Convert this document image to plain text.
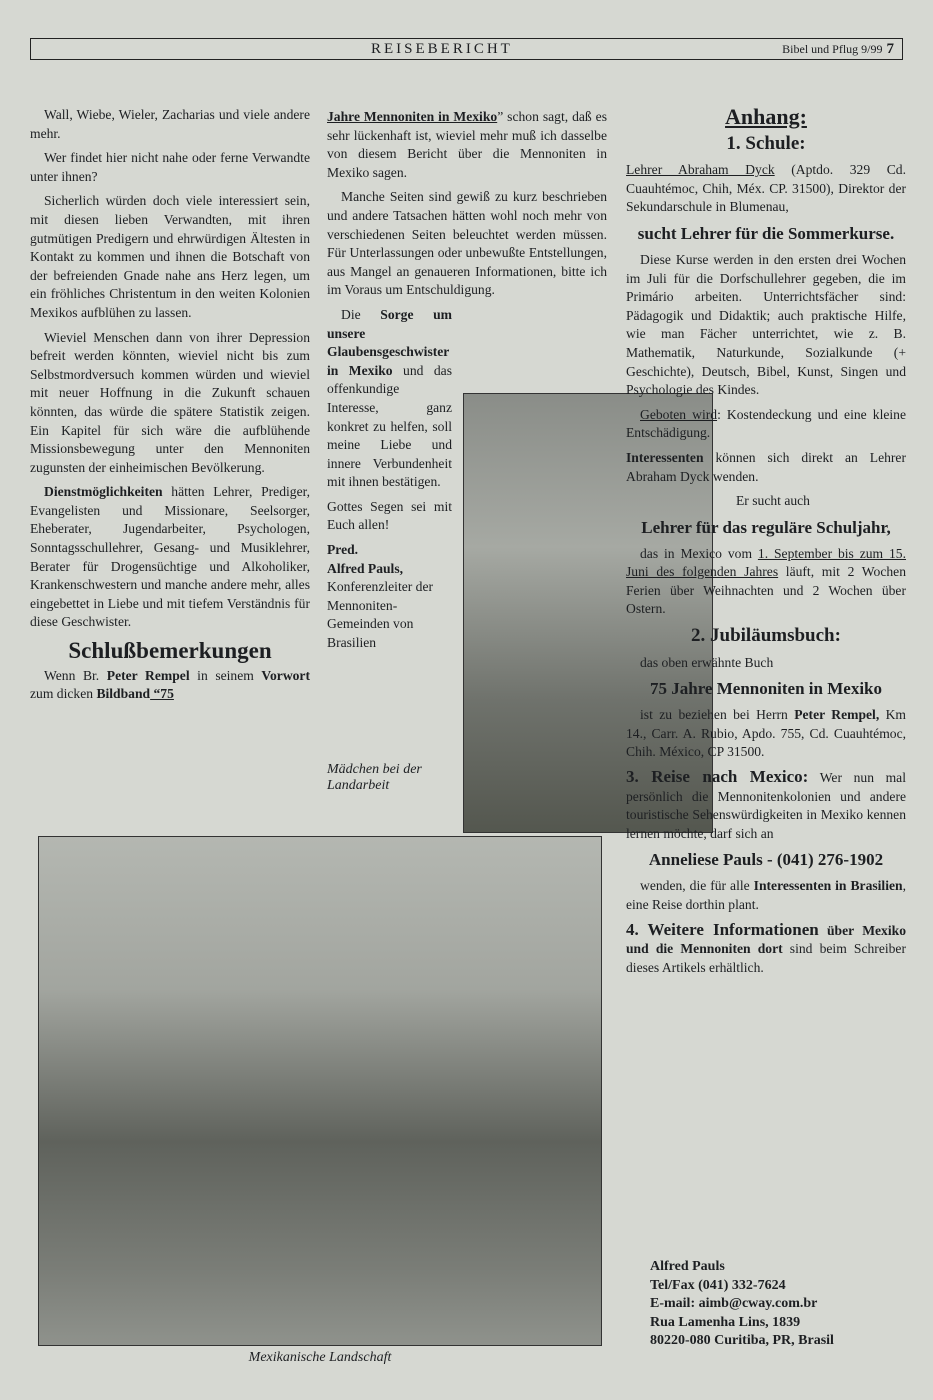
REISEBERICHT	Bibel und Pflug 9/99 7

Wall, Wiebe, Wieler, Zacharias und viele andere mehr.

Wer findet hier nicht nahe oder ferne Verwandte unter ihnen?

Sicherlich würden doch viele interessiert sein, mit diesen lieben Verwandten, mit ihren gutmütigen Predigern und ehrwürdigen Ältesten in Kontakt zu kommen und ihnen die Botschaft von der befreienden Gnade nahe ans Herz legen, um ein fröhliches Christentum in den weiten Kolonien Mexikos aufblühen zu lassen.

Wieviel Menschen dann von ihrer Depression befreit werden könnten, wieviel nicht bis zum Selbstmordversuch kommen würden und wieviel mit neuer Hoffnung in die Zukunft schauen könnten, das würde die spätere Statistik zeigen. Ein Kapitel für sich wäre die aufblühende Missionsbewegung unter den Mennoniten zugunsten der einheimischen Bevölkerung.

Dienstmöglichkeiten hätten Lehrer, Prediger, Evangelisten und Missionare, Seelsorger, Eheberater, Jugendarbeiter, Psychologen, Sonntagsschullehrer, Gesang- und Musiklehrer, Berater für Drogensüchtige und Alkoholiker, Krankenschwestern und manche andere mehr, alles eingebettet in Liebe und mit tiefem Verständnis für diese Geschwister.

Schlußbemerkungen

Wenn Br. Peter Rempel in seinem Vorwort zum dicken Bildband “75

Jahre Mennoniten in Mexiko” schon sagt, daß es sehr lückenhaft ist, wieviel mehr muß ich dasselbe von diesem Bericht über die Mennoniten in Mexiko sagen.

Manche Seiten sind gewiß zu kurz beschrieben und andere Tatsachen hätten wohl noch mehr von verschiedenen Seiten beleuchtet werden müssen. Für Unterlassungen oder unbewußte Entstellungen, aus Mangel an genaueren Informationen, bitte ich im Voraus um Entschuldigung.

Die Sorge um unsere Glaubensgeschwister in Mexiko und das offenkundige Interesse, ganz konkret zu helfen, soll meine Liebe und innere Verbundenheit mit ihnen bestätigen.

Gottes Segen sei mit Euch allen!

Pred.
Alfred Pauls,
Konferenzleiter der Mennoniten-Gemeinden von Brasilien
Mädchen bei der Landarbeit
Anhang:
1. Schule:

Lehrer Abraham Dyck (Aptdo. 329 Cd. Cuauhtémoc, Chih, Méx. CP. 31500), Direktor der Sekundarschule in Blumenau,

sucht Lehrer für die Sommerkurse.

Diese Kurse werden in den ersten drei Wochen im Juli für die Dorfschullehrer gegeben, die im Primário arbeiten. Unterrichtsfächer sind: Pädagogik und Didaktik; auch praktische Hilfe, wie man Fächer unterrichtet, wie z. B. Mathematik, Naturkunde, Sozialkunde (+ Geschichte), Deutsch, Bibel, Kunst, Singen und Psychologie des Kindes.

Geboten wird: Kostendeckung und eine kleine Entschädigung.

Interessenten können sich direkt an Lehrer Abraham Dyck wenden.

Er sucht auch

Lehrer für das reguläre Schuljahr,

das in Mexico vom 1. September bis zum 15. Juni des folgenden Jahres läuft, mit 2 Wochen Ferien über Weihnachten und 2 Wochen über Ostern.

2. Jubiläumsbuch:

das oben erwähnte Buch

75 Jahre Mennoniten in Mexiko

ist zu beziehen bei Herrn Peter Rempel, Km 14., Carr. A. Rubio, Apdo. 755, Cd. Cuauhtémoc, Chih. México, CP 31500.

3. Reise nach Mexico: Wer nun mal persönlich die Mennonitenkolonien und andere touristische Sehenswürdigkeiten in Mexiko kennen lernen möchte, darf sich an

Anneliese Pauls - (041) 276-1902

wenden, die für alle Interessenten in Brasilien, eine Reise dorthin plant.

4. Weitere Informationen über Mexiko und die Mennoniten dort sind beim Schreiber dieses Artikels erhältlich.

Mexikanische Landschaft
Alfred Pauls
Tel/Fax (041) 332-7624
E-mail: aimb@cway.com.br
Rua Lamenha Lins, 1839
80220-080 Curitiba, PR, Brasil
